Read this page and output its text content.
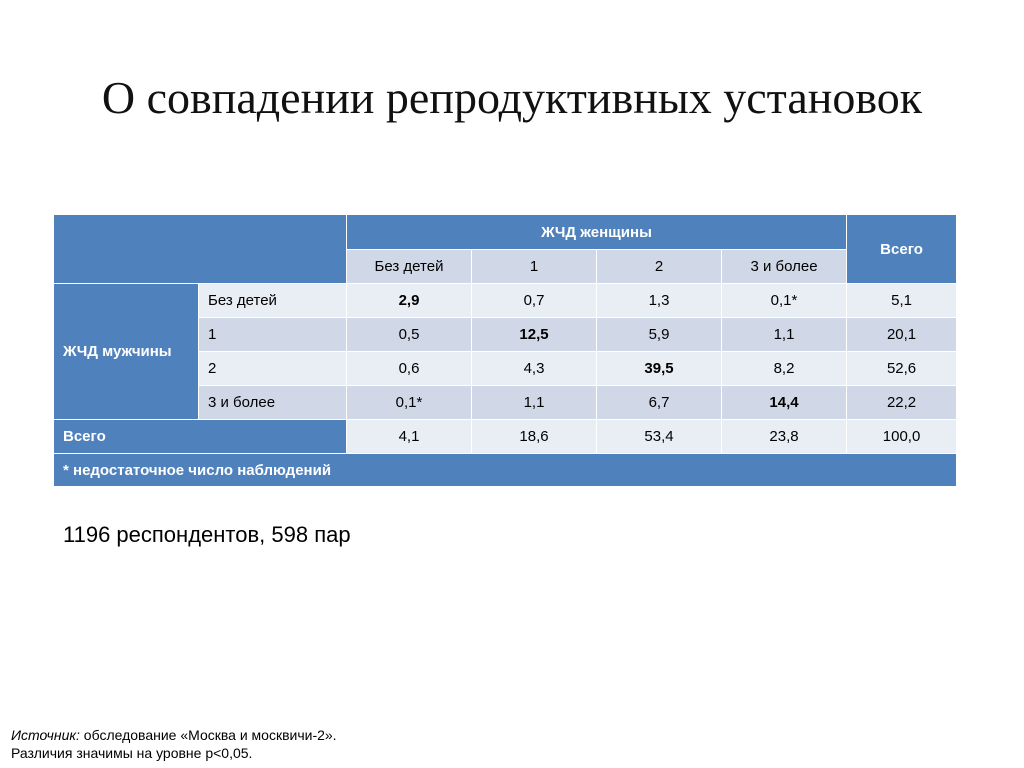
О совпадении репродуктивных установок
		ЖЧД женщины				Всего
		Без детей	1	2	3 и более	
ЖЧД мужчины	Без детей	2,9	0,7	1,3	0,1*	5,1
	1	0,5	12,5	5,9	1,1	20,1
	2	0,6	4,3	39,5	8,2	52,6
	3 и более	0,1*	1,1	6,7	14,4	22,2
Всего		4,1	18,6	53,4	23,8	100,0
* недостаточное число наблюдений						
1196 респондентов, 598 пар
Источник: обследование «Москва и москвичи-2».
Различия значимы на уровне p<0,05.
